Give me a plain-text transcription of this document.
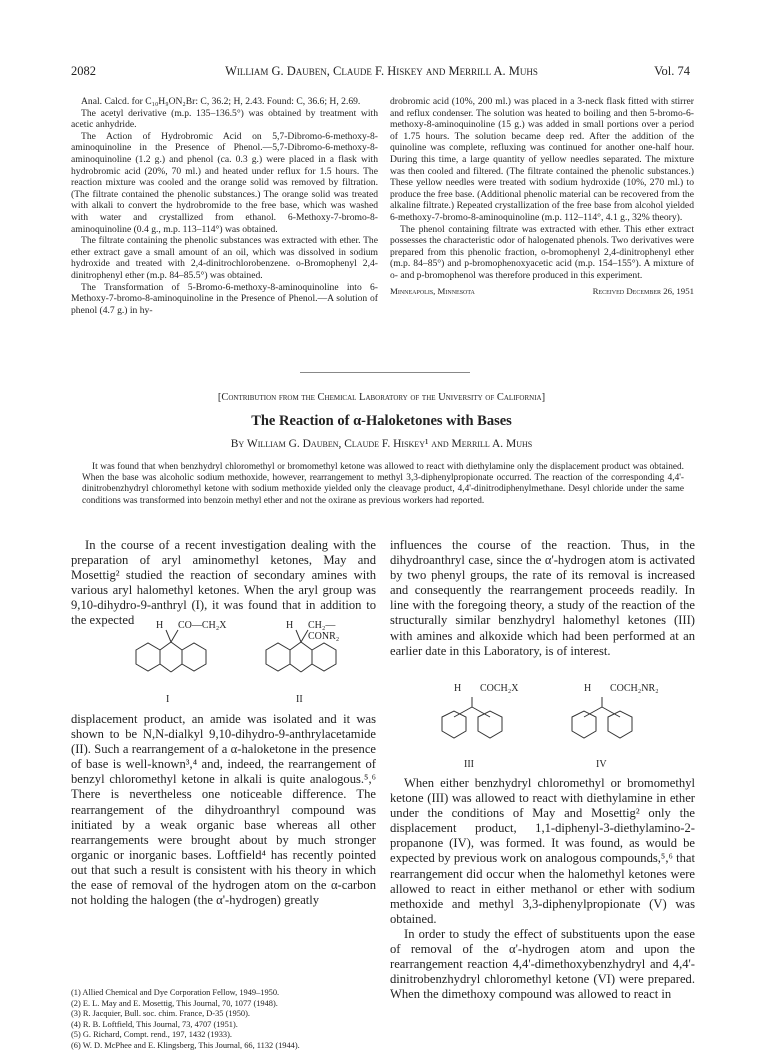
2082	William G. Dauben, Claude F. Hiskey and Merrill A. Muhs	Vol. 74

Anal. Calcd. for C₁₀H₉ON₂Br: C, 36.2; H, 2.43. Found: C, 36.6; H, 2.69.

The acetyl derivative (m.p. 135–136.5°) was obtained by treatment with acetic anhydride.

The Action of Hydrobromic Acid on 5,7-Dibromo-6-methoxy-8-aminoquinoline in the Presence of Phenol.—5,7-Dibromo-6-methoxy-8-aminoquinoline (1.2 g.) and phenol (ca. 0.3 g.) were placed in a flask with hydrobromic acid (20%, 70 ml.) and heated under reflux for 1.5 hours. The reaction mixture was cooled and the orange solid was removed by filtration. (The filtrate contained the phenolic substances.) The orange solid was treated with alkali to convert the hydrobromide to the free base, which was washed with water and crystallized from ethanol. 6-Methoxy-7-bromo-8-aminoquinoline (0.4 g., m.p. 113–114°) was obtained.

The filtrate containing the phenolic substances was extracted with ether. The ether extract gave a small amount of an oil, which was dissolved in sodium hydroxide and treated with 2,4-dinitrochlorobenzene. o-Bromophenyl 2,4-dinitrophenyl ether (m.p. 84–85.5°) was obtained.

The Transformation of 5-Bromo-6-methoxy-8-aminoquinoline into 6-Methoxy-7-bromo-8-aminoquinoline in the Presence of Phenol.—A solution of phenol (4.7 g.) in hy-

drobromic acid (10%, 200 ml.) was placed in a 3-neck flask fitted with stirrer and reflux condenser. The solution was heated to boiling and then 5-bromo-6-methoxy-8-aminoquinoline (15 g.) was added in small portions over a period of 1.75 hours. The solution became deep red. After the addition of the quinoline was complete, refluxing was continued for another one-half hour. During this time, a large quantity of yellow needles separated. The mixture was then cooled and filtered. (The filtrate contained the phenolic substances.) These yellow needles were treated with sodium hydroxide (10%, 270 ml.) to produce the free base. (Additional phenolic material can be recovered from the alkaline filtrate.) Repeated crystallization of the free base from alcohol yielded 6-methoxy-7-bromo-8-aminoquinoline (m.p. 112–114°, 4.1 g., 32% theory).

The phenol containing filtrate was extracted with ether. This ether extract possesses the characteristic odor of halogenated phenols. Two derivatives were prepared from this phenolic fraction, o-bromophenyl 2,4-dinitrophenyl ether (m.p. 84–85°) and p-bromophenoxyacetic acid (m.p. 154–155°). A mixture of o- and p-bromophenol was therefore produced in this experiment.

Minneapolis, Minnesota	Received December 26, 1951
[Contribution from the Chemical Laboratory of the University of California]
The Reaction of α-Haloketones with Bases
By William G. Dauben, Claude F. Hiskey¹ and Merrill A. Muhs

It was found that when benzhydryl chloromethyl or bromomethyl ketone was allowed to react with diethylamine only the displacement product was obtained. When the base was alcoholic sodium methoxide, however, rearrangement to methyl 3,3-diphenylpropionate occurred. The reaction of the corresponding 4,4'-dinitrobenzhydryl chloromethyl ketone with sodium methoxide yielded only the cleavage product, 4,4'-dinitrodiphenylmethane. Desyl chloride under the same conditions was transformed into benzoin methyl ether and not the oxirane as previous workers had reported.

In the course of a recent investigation dealing with the preparation of aryl aminomethyl ketones, May and Mosettig² studied the reaction of secondary amines with various aryl halomethyl ketones. When the aryl group was 9,10-dihydro-9-anthryl (I), it was found that in addition to the expected	H CO—CH₂X
I
H CH₂—CONR₂
II

displacement product, an amide was isolated and it was shown to be N,N-dialkyl 9,10-dihydro-9-anthrylacetamide (II). Such a rearrangement of a α-haloketone in the presence of base is well-known³,⁴ and, indeed, the rearrangement of benzyl chloromethyl ketone in alkali is quite analogous.⁵,⁶ There is nevertheless one noticeable difference. The rearrangement of the dihydroanthryl compound was initiated by a weak organic base whereas all other rearrangements were brought about by much stronger organic or inorganic bases. Loftfield⁴ has recently pointed out that such a result is consistent with his theory in which the ease of removal of the hydrogen atom on the α-carbon not holding the halogen (the α'-hydrogen) greatly

(1) Allied Chemical and Dye Corporation Fellow, 1949–1950.
(2) E. L. May and E. Mosettig, This Journal, 70, 1077 (1948).
(3) R. Jacquier, Bull. soc. chim. France, D-35 (1950).
(4) R. B. Loftfield, This Journal, 73, 4707 (1951).
(5) G. Richard, Compt. rend., 197, 1432 (1933).
(6) W. D. McPhee and E. Klingsberg, This Journal, 66, 1132 (1944).

influences the course of the reaction. Thus, in the dihydroanthryl case, since the α'-hydrogen atom is activated by two phenyl groups, the rate of its removal is increased and consequently the rearrangement proceeds readily. In line with the foregoing theory, a study of the reaction of the structurally similar benzhydryl halomethyl ketones (III) with amines and alkoxide which had been performed at an earlier date in this Laboratory, is of interest.

H COCH₂X
III
H COCH₂NR₂
IV

When either benzhydryl chloromethyl or bromomethyl ketone (III) was allowed to react with diethylamine in ether under the conditions of May and Mosettig² only the displacement product, 1,1-diphenyl-3-diethylamino-2-propanone (IV), was formed. It was found, as would be expected by previous work on analogous compounds,⁵,⁶ that rearrangement did occur when the halomethyl ketones were allowed to react in either methanol or ether with sodium methoxide and methyl 3,3-diphenylpropionate (V) was obtained.

In order to study the effect of substituents upon the ease of removal of the α'-hydrogen atom and upon the rearrangement reaction 4,4'-dimethoxybenzhydryl and 4,4'-dinitrobenzhydryl chloromethyl ketone (VI) were prepared. When the dimethoxy compound was allowed to react in
